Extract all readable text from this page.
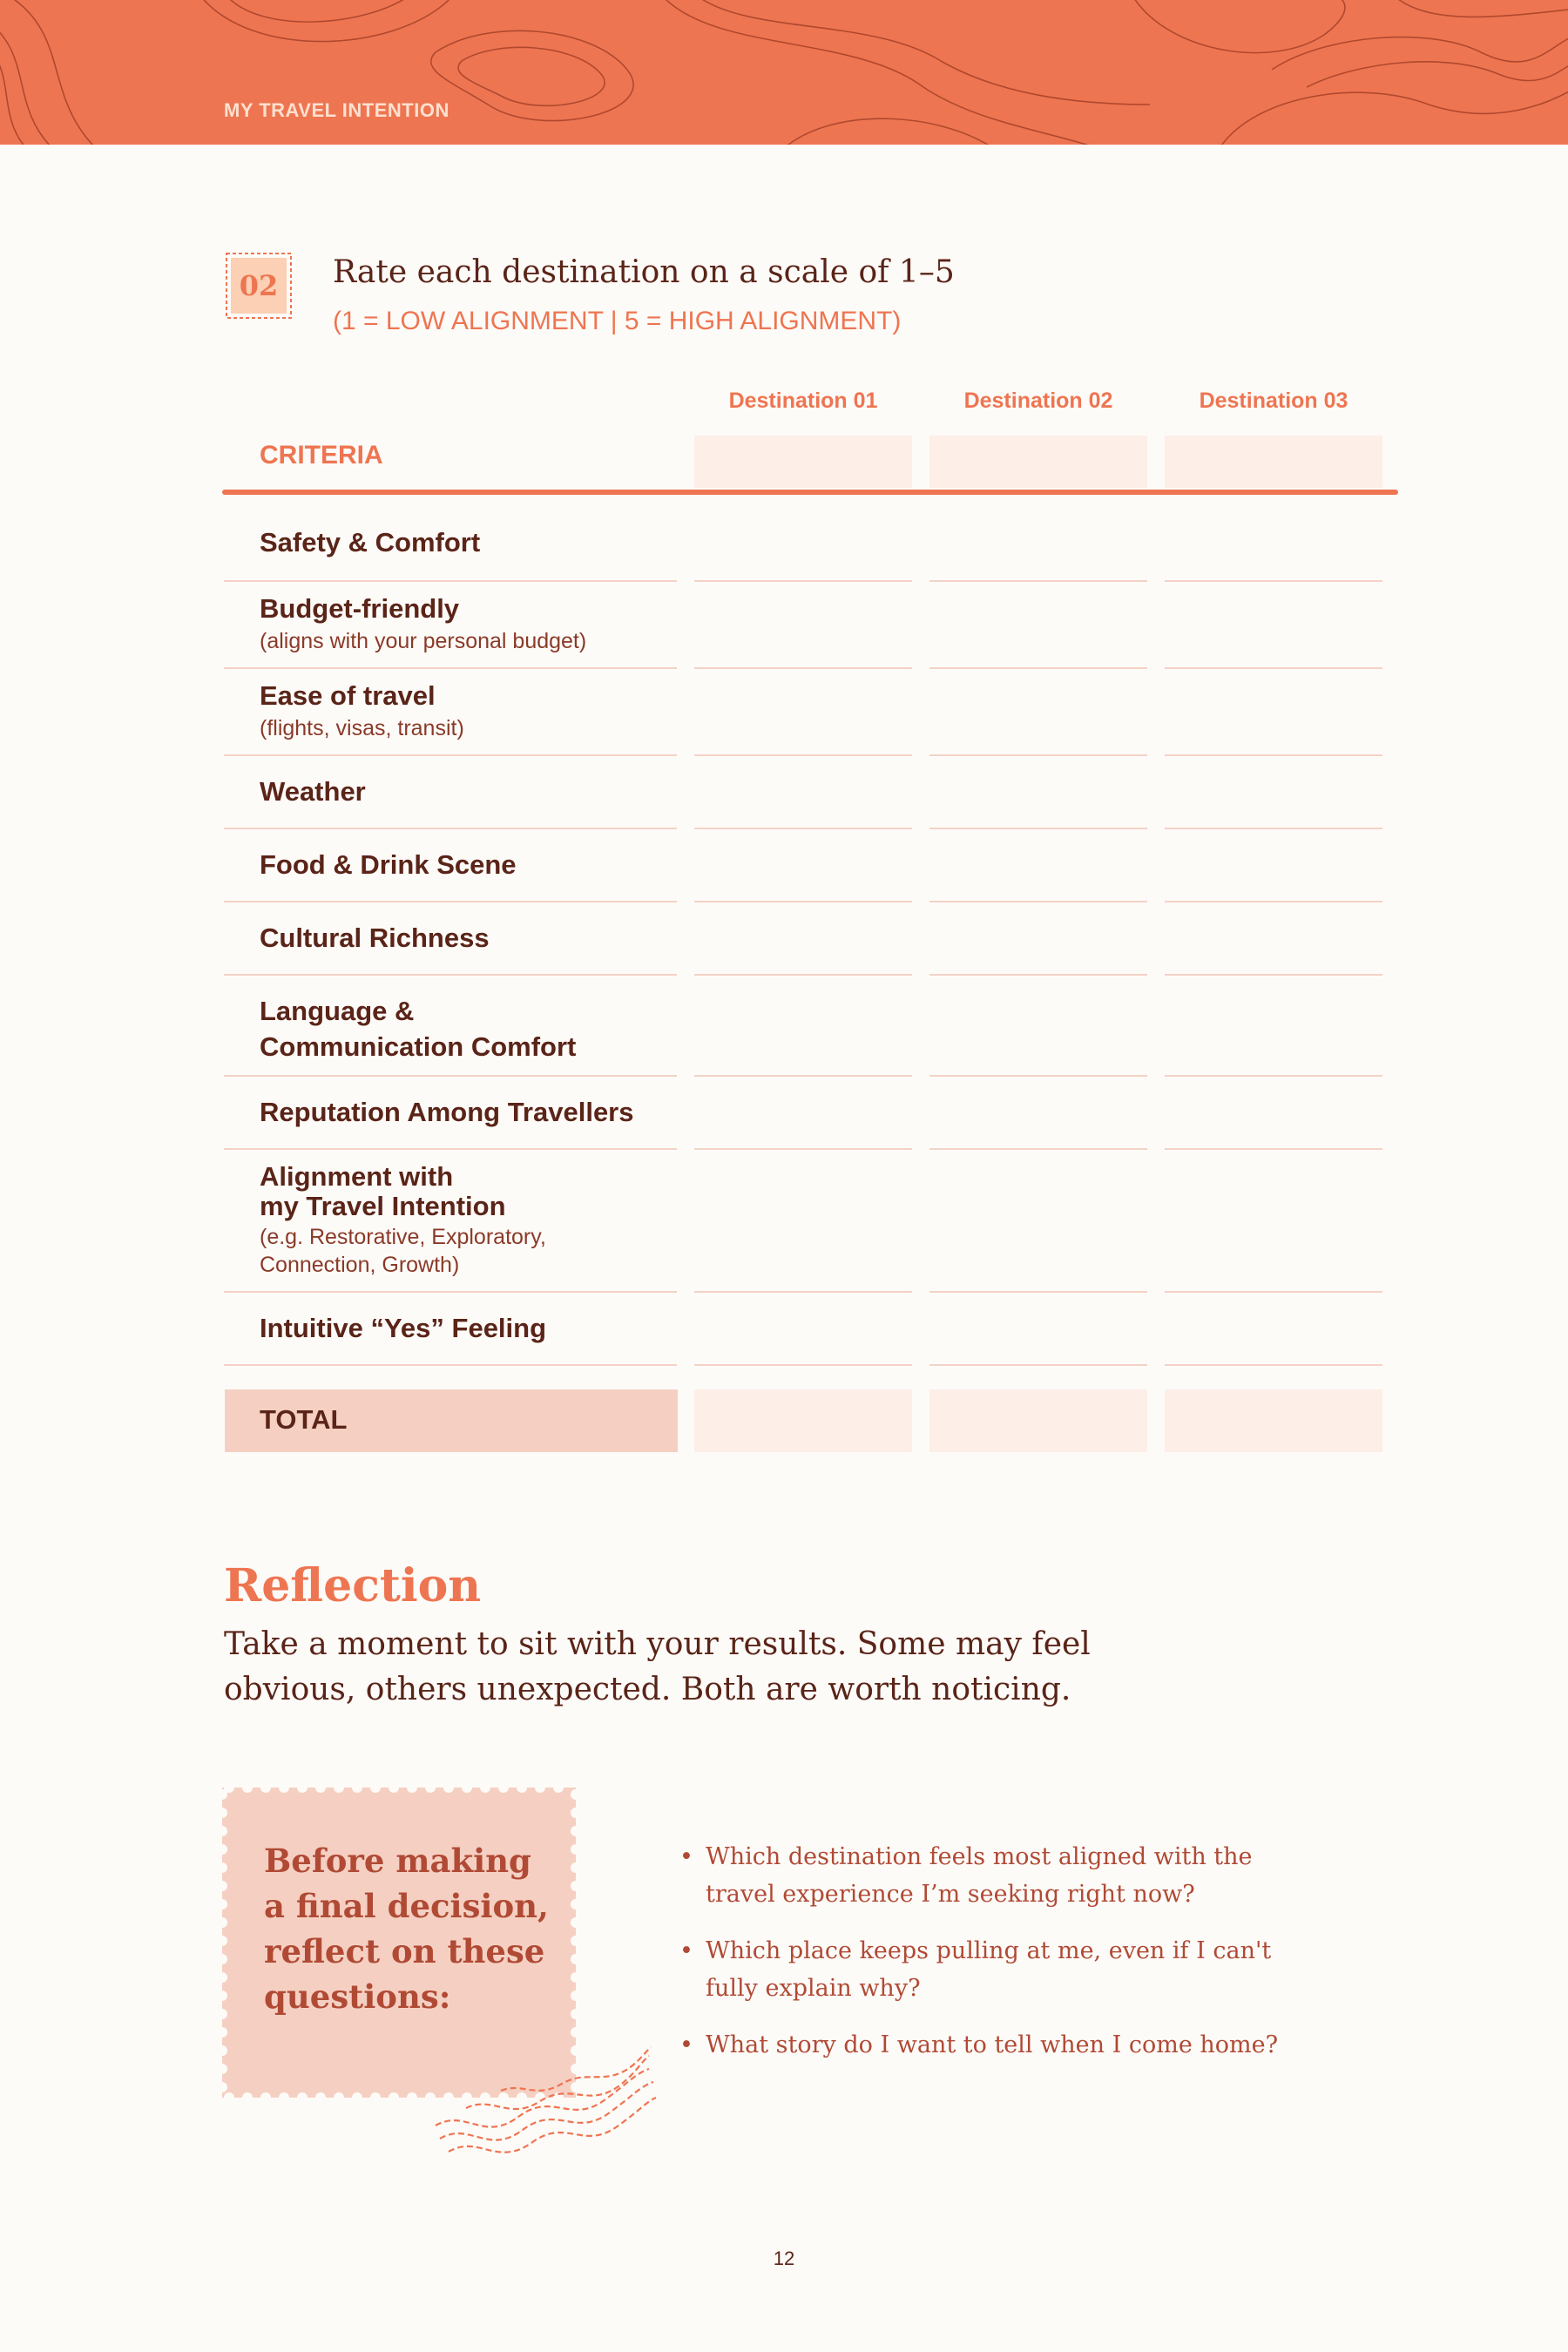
MY TRAVEL INTENTION
02 Rate each destination on a scale of 1–5
(1 = LOW ALIGNMENT | 5 = HIGH ALIGNMENT)
Destination 01	Destination 02	Destination 03
CRITERIA
Safety & Comfort
Budget-friendly
(aligns with your personal budget)
Ease of travel
(flights, visas, transit)
Weather
Food & Drink Scene
Cultural Richness
Language &
Communication Comfort
Reputation Among Travellers
Alignment with
my Travel Intention
(e.g. Restorative, Exploratory,
Connection, Growth)
Intuitive “Yes” Feeling
TOTAL
Reflection
Take a moment to sit with your results. Some may feel obvious, others unexpected. Both are worth noticing.
Before making a final decision, reflect on these questions:
• Which destination feels most aligned with the travel experience I’m seeking right now?
• Which place keeps pulling at me, even if I can't fully explain why?
• What story do I want to tell when I come home?
12
